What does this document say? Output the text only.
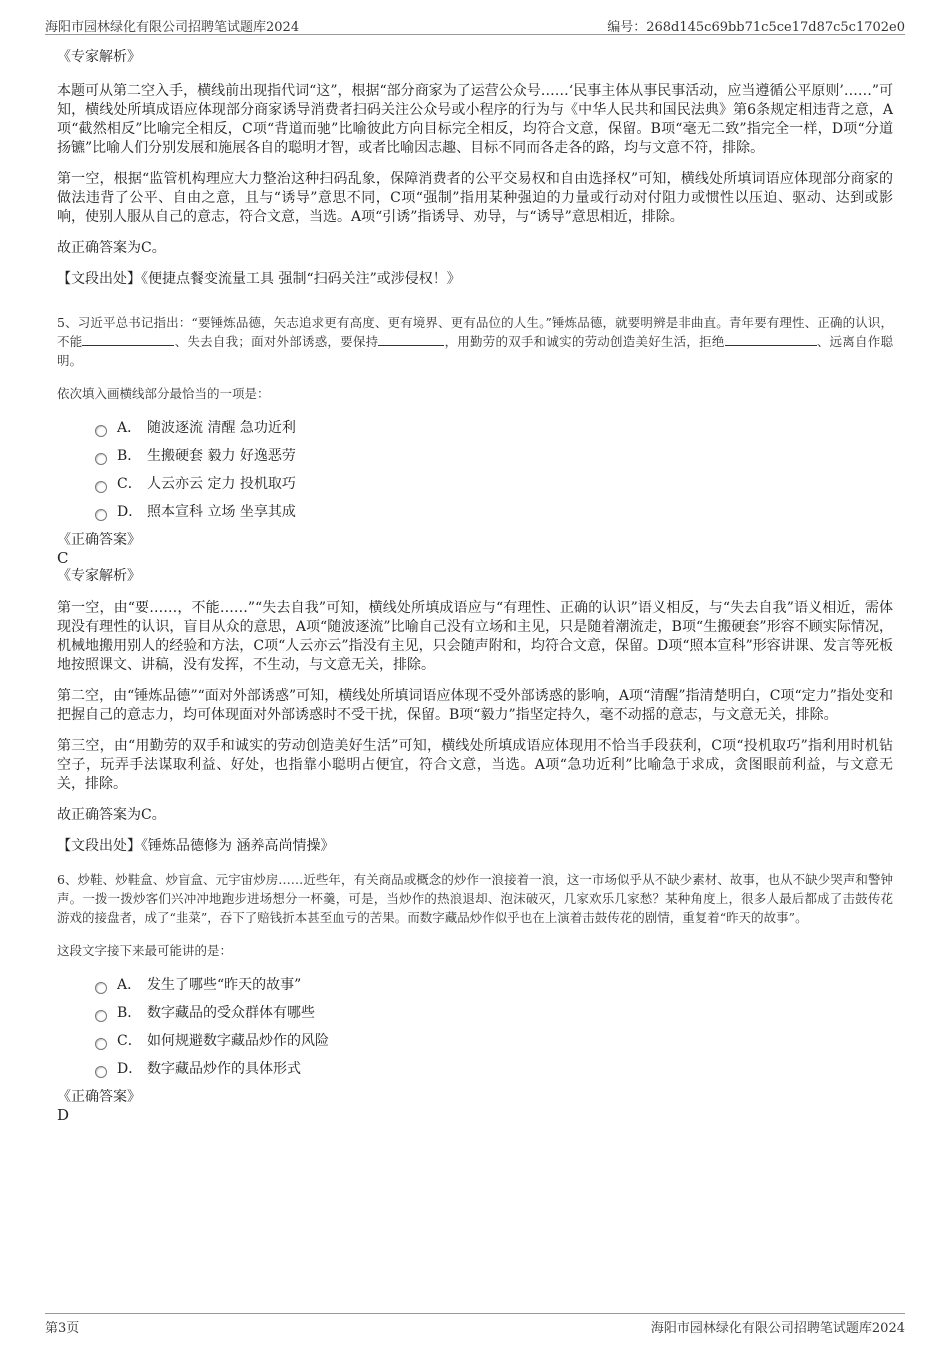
海阳市园林绿化有限公司招聘笔试题库2024	编号：268d145c69bb71c5ce17d87c5c1702e0

《专家解析》

本题可从第二空入手，横线前出现指代词“这”，根据“部分商家为了运营公众号……‘民事主体从事民事活动，应当遵循公平原则’……”可知，横线处所填成语应体现部分商家诱导消费者扫码关注公众号或小程序的行为与《中华人民共和国民法典》第6条规定相违背之意，A项“截然相反”比喻完全相反，C项“背道而驰”比喻彼此方向目标完全相反，均符合文意，保留。B项“毫无二致”指完全一样，D项“分道扬镳”比喻人们分别发展和施展各自的聪明才智，或者比喻因志趣、目标不同而各走各的路，均与文意不符，排除。

第一空，根据“监管机构理应大力整治这种扫码乱象，保障消费者的公平交易权和自由选择权”可知，横线处所填词语应体现部分商家的做法违背了公平、自由之意，且与“诱导”意思不同，C项“强制”指用某种强迫的力量或行动对付阻力或惯性以压迫、驱动、达到或影响，使别人服从自己的意志，符合文意，当选。A项“引诱”指诱导、劝导，与“诱导”意思相近，排除。

故正确答案为C。

【文段出处】《便捷点餐变流量工具 强制“扫码关注”或涉侵权！》

5、习近平总书记指出：“要锤炼品德，矢志追求更有高度、更有境界、更有品位的人生。”锤炼品德，就要明辨是非曲直。青年要有理性、正确的认识，不能	、失去自我；面对外部诱惑，要保持	，用勤劳的双手和诚实的劳动创造美好生活，拒绝	、远离自作聪明。

依次填入画横线部分最恰当的一项是：

A． 随波逐流 清醒 急功近利
B． 生搬硬套 毅力 好逸恶劳
C． 人云亦云 定力 投机取巧
D． 照本宣科 立场 坐享其成

《正确答案》

C

《专家解析》

第一空，由“要……，不能……”“失去自我”可知，横线处所填成语应与“有理性、正确的认识”语义相反，与“失去自我”语义相近，需体现没有理性的认识，盲目从众的意思，A项“随波逐流”比喻自己没有立场和主见，只是随着潮流走，B项“生搬硬套”形容不顾实际情况，机械地搬用别人的经验和方法，C项“人云亦云”指没有主见，只会随声附和，均符合文意，保留。D项“照本宣科”形容讲课、发言等死板地按照课文、讲稿，没有发挥，不生动，与文意无关，排除。

第二空，由“锤炼品德”“面对外部诱惑”可知，横线处所填词语应体现不受外部诱惑的影响，A项“清醒”指清楚明白，C项“定力”指处变和把握自己的意志力，均可体现面对外部诱惑时不受干扰，保留。B项“毅力”指坚定持久，毫不动摇的意志，与文意无关，排除。

第三空，由“用勤劳的双手和诚实的劳动创造美好生活”可知，横线处所填成语应体现用不恰当手段获利，C项“投机取巧”指利用时机钻空子，玩弄手法谋取利益、好处，也指靠小聪明占便宜，符合文意，当选。A项“急功近利”比喻急于求成，贪图眼前利益，与文意无关，排除。

故正确答案为C。

【文段出处】《锤炼品德修为 涵养高尚情操》

6、炒鞋、炒鞋盒、炒盲盒、元宇宙炒房……近些年，有关商品或概念的炒作一浪接着一浪，这一市场似乎从不缺少素材、故事，也从不缺少哭声和警钟声。一拨一拨炒客们兴冲冲地跑步进场想分一杯羹，可是，当炒作的热浪退却、泡沫破灭，几家欢乐几家愁？某种角度上，很多人最后都成了击鼓传花游戏的接盘者，成了“韭菜”，吞下了赔钱折本甚至血亏的苦果。而数字藏品炒作似乎也在上演着击鼓传花的剧情，重复着“昨天的故事”。

这段文字接下来最可能讲的是：

A． 发生了哪些“昨天的故事”
B． 数字藏品的受众群体有哪些
C． 如何规避数字藏品炒作的风险
D． 数字藏品炒作的具体形式

《正确答案》

D

第3页	海阳市园林绿化有限公司招聘笔试题库2024
